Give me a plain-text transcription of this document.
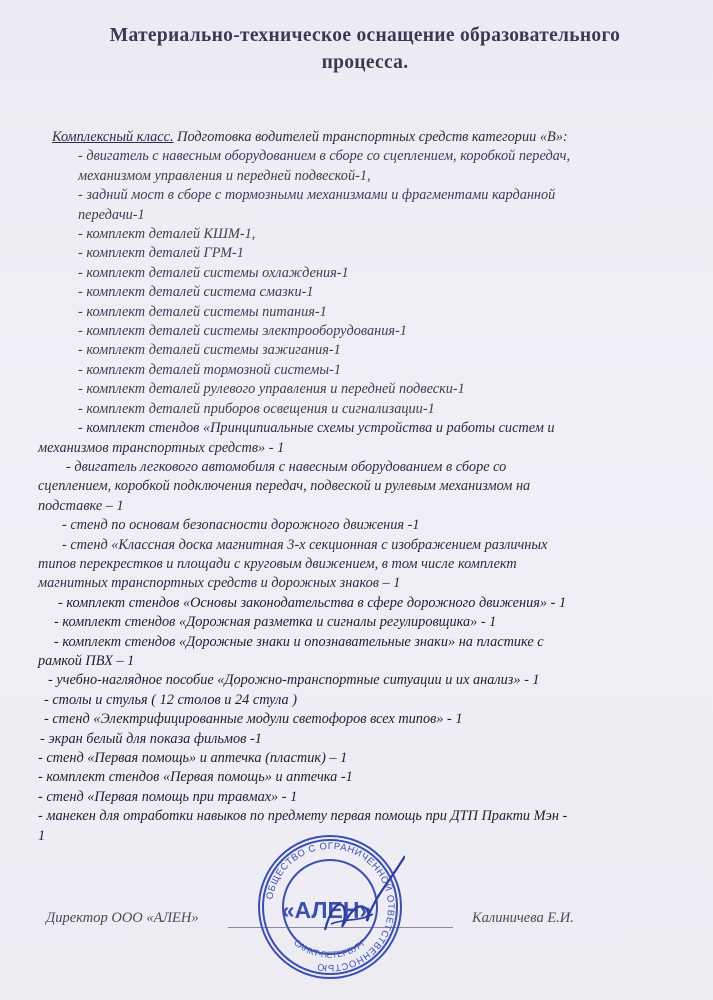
Материально-техническое оснащение образовательного
процесса.
Комплексный класс. Подготовка водителей транспортных средств категории «В»:
- двигатель с навесным оборудованием в сборе со сцеплением, коробкой передач,
механизмом управления и передней подвеской-1,
- задний мост в сборе с тормозными механизмами и фрагментами карданной
передачи-1
- комплект деталей КШМ-1,
- комплект деталей ГРМ-1
- комплект деталей системы охлаждения-1
- комплект деталей система смазки-1
- комплект деталей системы питания-1
- комплект деталей системы электрооборудования-1
- комплект деталей системы зажигания-1
- комплект деталей тормозной системы-1
- комплект деталей рулевого управления и передней подвески-1
- комплект деталей приборов освещения и сигнализации-1
- комплект стендов «Принципиальные схемы устройства и работы систем и
механизмов транспортных средств» - 1
- двигатель легкового автомобиля с навесным оборудованием в сборе со
сцеплением, коробкой подключения передач, подвеской и рулевым механизмом на
подставке – 1
- стенд по основам безопасности дорожного движения -1
- стенд «Классная доска магнитная 3-х секционная с изображением различных
типов перекрестков и площади с круговым движением, в том числе комплект
магнитных транспортных средств и дорожных знаков – 1
- комплект стендов «Основы законодательства в сфере дорожного движения» - 1
- комплект стендов «Дорожная разметка и сигналы регулировщика» - 1
- комплект стендов «Дорожные знаки и опознавательные знаки» на пластике с
рамкой ПВХ – 1
- учебно-наглядное пособие «Дорожно-транспортные ситуации и их анализ» - 1
- столы и стулья ( 12 столов и 24 стула )
- стенд «Электрифицированные модули светофоров всех типов» - 1
- экран белый для показа фильмов -1
- стенд «Первая помощь» и аптечка (пластик) – 1
- комплект стендов «Первая помощь» и аптечка -1
- стенд «Первая помощь при травмах» - 1
- манекен для отработки навыков по предмету первая помощь при ДТП Практи Мэн -
1
Директор ООО «АЛЕН»	Калиничева Е.И.
ОБЩЕСТВО С ОГРАНИЧЕННОЙ ОТВЕТСТВЕННОСТЬЮ
САНКТ-ПЕТЕРБУРГ
«АЛЕН»
